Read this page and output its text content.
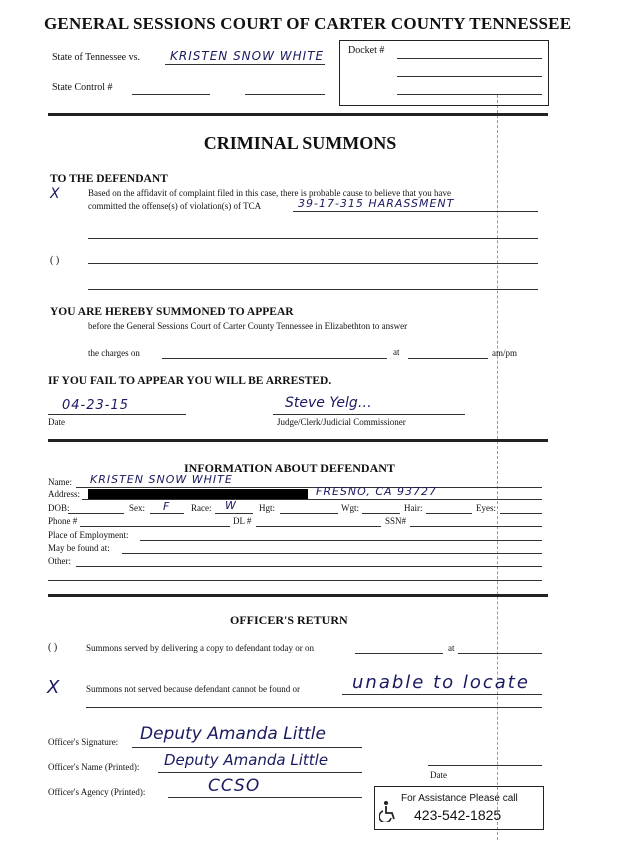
GENERAL SESSIONS COURT OF CARTER COUNTY TENNESSEE
State of Tennessee vs.	KRISTEN SNOW WHITE
State Control #
Docket #
CRIMINAL SUMMONS
TO THE DEFENDANT
X	Based on the affidavit of complaint filed in this case, there is probable cause to believe that you have
committed the offense(s) of violation(s) of TCA	39-17-315 HARASSMENT
( )
YOU ARE HEREBY SUMMONED TO APPEAR
before the General Sessions Court of Carter County Tennessee in Elizabethton to answer
the charges on	at	am/pm
IF YOU FAIL TO APPEAR YOU WILL BE ARRESTED.
04-23-15
Date
Steve Yelg…
Judge/Clerk/Judicial Commissioner
INFORMATION ABOUT DEFENDANT
Name: KRISTEN SNOW WHITE
Address:	FRESNO, CA 93727
DOB:	Sex: F Race: W	Hgt:	Wgt:	Hair:	Eyes:
Phone #	DL #	SSN#
Place of Employment:
May be found at:
Other:
OFFICER'S RETURN
( )	Summons served by delivering a copy to defendant today or on	at
X	Summons not served because defendant cannot be found or	unable to locate
Officer's Signature: Deputy Amanda Little
Officer's Name (Printed): Deputy Amanda Little
Officer's Agency (Printed):	CCSO
Date
For Assistance Please call
423-542-1825
